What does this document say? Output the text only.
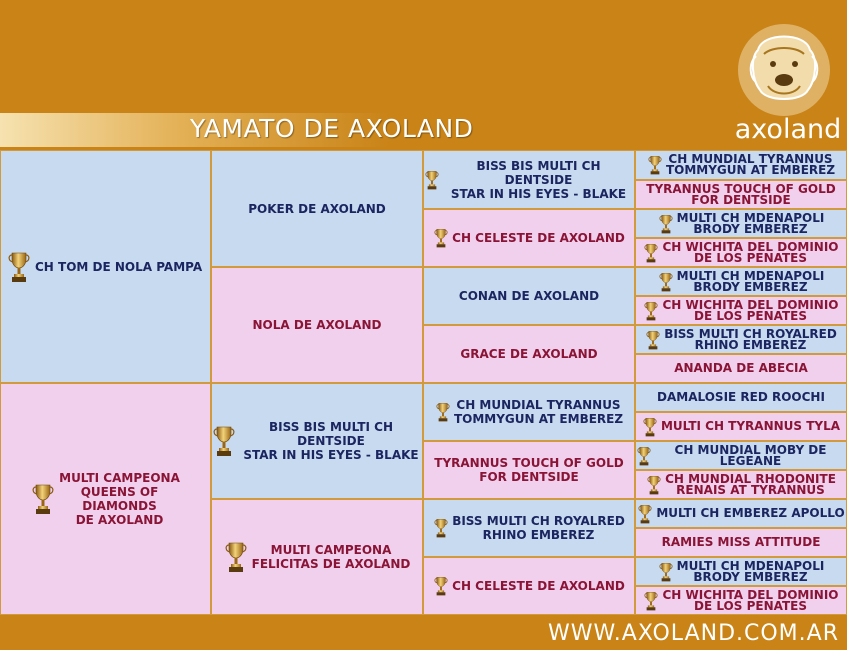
YAMATO DE AXOLAND	axoland
CH TOM DE NOLA PAMPA
MULTI CAMPEONA
QUEENS OF
DIAMONDS
DE AXOLAND
POKER DE AXOLAND
NOLA DE AXOLAND
BISS BIS MULTI CH DENTSIDE
STAR IN HIS EYES - BLAKE
MULTI CAMPEONA
FELICITAS DE AXOLAND
BISS BIS MULTI CH DENTSIDE
STAR IN HIS EYES - BLAKE
CH CELESTE DE AXOLAND
CONAN DE AXOLAND
GRACE DE AXOLAND
CH MUNDIAL TYRANNUS
TOMMYGUN AT EMBEREZ
TYRANNUS TOUCH OF GOLD
FOR DENTSIDE
BISS MULTI CH ROYALRED
RHINO EMBEREZ
CH CELESTE DE AXOLAND
CH MUNDIAL TYRANNUS
TOMMYGUN AT EMBEREZ
TYRANNUS TOUCH OF GOLD
FOR DENTSIDE
MULTI CH MDENAPOLI
BRODY EMBEREZ
CH WICHITA DEL DOMINIO
DE LOS PENATES
MULTI CH MDENAPOLI
BRODY EMBEREZ
CH WICHITA DEL DOMINIO
DE LOS PENATES
BISS MULTI CH ROYALRED
RHINO EMBEREZ
ANANDA DE ABECIA
DAMALOSIE RED ROOCHI
MULTI CH TYRANNUS TYLA
CH MUNDIAL MOBY DE LEGEANE
CH MUNDIAL RHODONITE
RENAIS AT TYRANNUS
MULTI CH EMBEREZ APOLLO
RAMIES MISS ATTITUDE
MULTI CH MDENAPOLI
BRODY EMBEREZ
CH WICHITA DEL DOMINIO
DE LOS PENATES
WWW.AXOLAND.COM.AR
